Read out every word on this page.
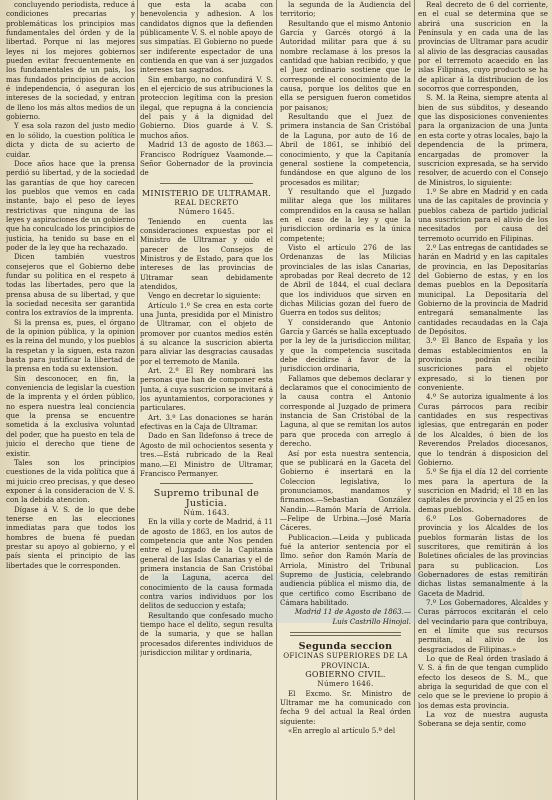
concluyendo periodista, reduce á condiciones precarias y problemáticas los principios mas fundamentales del órden y de la libertad. Porque ni las mejores leyes ni los mejores gobiernos pueden evitar frecuentemente en los fundamentales de un pais, los mas fundados principios de accion é independencia, ó aseguran los intereses de la sociedad, y entran de lleno los más altos medios de un gobierno.

Y esa sola razon del justo medio en lo sólido, la cuestion política le dicta y dicta de su acierto de cuidar.

Doce años hace que la prensa perdió su libertad, y de la sociedad las garantías de que hoy carecen los pueblos que vemos en cada instante, bajo el peso de leyes restrictivas que ninguna de las leyes y aspiraciones de un gobierno que ha conculcado los principios de justicia, ha tenido su base en el poder de la ley que ha rechazado.

Dicen también vuestros consejeros que el Gobierno debe fundar su política en el respeto á todas las libertades, pero que la prensa abusa de su libertad, y que la sociedad necesita ser garantida contra los extravíos de la imprenta.

Si la prensa es, pues, el órgano de la opinion pública, y la opinion es la reina del mundo, y los pueblos la respetan y la siguen, esta razon basta para justificar la libertad de la prensa en toda su extension.

Sin desconocer, en fin, la conveniencia de legislar la cuestion de la imprenta y el órden público, no espera nuestra leal conciencia que la prensa se encuentre sometida á la exclusiva voluntad del poder, que ha puesto en tela de juicio el derecho que tiene de existir.

Tales son los principios cuestiones de la vida política que á mi juicio creo precisas, y que deseo exponer á la consideracion de V. S. con la debida atencion.

Dígase á V. S. de lo que debe tenerse en las elecciones inmediatas para que todos los hombres de buena fé puedan prestar su apoyo al gobierno, y el país sienta el principio de las libertades que le corresponden.

que esta la acaba con benevolencia y adhesion. A los candidatos dignos que la defienden públicamente V. S. el noble apoyo de sus simpatías. El Gobierno no puede ser indiferente espectador de una contienda en que van á ser juzgados intereses tan sagrados.

Sin embargo, no confundirá V. S. en el ejercicio de sus atribuciones la proteccion legítima con la presion ilegal, que repugna á la conciencia del país y á la dignidad del Gobierno. Dios guarde á V. S. muchos años.

Madrid 13 de agosto de 1863.—Francisco Rodríguez Vaamonde.—Señor Gobernador de la provincia de

MINISTERIO DE ULTRAMAR.

REAL DECRETO

Número 1645.

Teniendo en cuenta las consideraciones expuestas por el Ministro de Ultramar y oido el parecer de los Consejos de Ministros y de Estado, para que los intereses de las provincias de Ultramar sean debidamente atendidos,

Vengo en decretar lo siguiente:

Artículo 1.º Se crea en esta corte una Junta, presidida por el Ministro de Ultramar, con el objeto de promover por cuantos medios estén á su alcance la suscricion abierta para aliviar las desgracias causadas por el terremoto de Manila.

Art. 2.º El Rey nombrará las personas que han de componer esta Junta, á cuya suscricion se invitará á los ayuntamientos, corporaciones y particulares.

Art. 3.º Las donaciones se harán efectivas en la Caja de Ultramar.

Dado en San Ildefonso á trece de Agosto de mil ochocientos sesenta y tres.—Está rubricado de la Real mano.—El Ministro de Ultramar, Francisco Permanyer.

Supremo tribunal de Justicia.

Núm. 1643.

En la villa y corte de Madrid, á 11 de agosto de 1863, en los autos de competencia que ante Nos penden entre el Juzgado de la Capitanía general de las Islas Canarias y el de primera instancia de San Cristóbal de la Laguna, acerca del conocimiento de la causa formada contra varios individuos por los delitos de seduccion y estafa;

Resultando que confesado mucho tiempo hace el delito, segun resulta de la sumaria, y que se hallan procesados diferentes individuos de jurisdiccion militar y ordinaria,

la segunda de la Audiencia del territorio;

Resultando que el mismo Antonio García y Garcés otorgó á la Autoridad militar para que á su nombre reclamase á los presos la cantidad que habian recibido, y que el Juez ordinario sostiene que le corresponde el conocimiento de la causa, porque los delitos que en ella se persiguen fueron cometidos por paisanos;

Resultando que el Juez de primera instancia de San Cristóbal de la Laguna, por auto de 16 de Abril de 1861, se inhibió del conocimiento, y que la Capitanía general sostiene la competencia, fundándose en que alguno de los procesados es militar;

Y resultando que el Juzgado militar alega que los militares comprendidos en la causa se hallan en el caso de la ley y que la jurisdiccion ordinaria es la única competente;

Visto el artículo 276 de las Ordenanzas de las Milicias provinciales de las islas Canarias, aprobadas por Real decreto de 12 de Abril de 1844, el cual declara que los individuos que sirven en dichas Milicias gozan del fuero de Guerra en todos sus delitos;

Y considerando que Antonio García y Garcés se halla exceptuado por la ley de la jurisdiccion militar, y que la competencia suscitada debe decidirse á favor de la jurisdiccion ordinaria,

Fallamos que debemos declarar y declaramos que el conocimiento de la causa contra el Antonio corresponde al Juzgado de primera instancia de San Cristóbal de la Laguna, al que se remitan los autos para que proceda con arreglo á derecho.

Así por esta nuestra sentencia, que se publicará en la Gaceta del Gobierno é insertará en la Coleccion legislativa, lo pronunciamos, mandamos y firmamos.—Sebastian González Nandin.—Ramón María de Arriola.—Felipe de Urbina.—José María Cáceres.

Publicacion.—Leida y publicada fué la anterior sentencia por el Ilmo. señor don Ramón María de Arriola, Ministro del Tribunal Supremo de Justicia, celebrando audiencia pública el mismo dia, de que certifico como Escribano de Cámara habilitado.

Madrid 11 de Agosto de 1863.—Luis Castrillo Hinojal.

Segunda seccion

OFICINAS SUPERIORES DE LA PROVINCIA.

GOBIERNO CIVIL.

Número 1646.

El Excmo. Sr. Ministro de Ultramar me ha comunicado con fecha 9 del actual la Real órden siguiente:

«En arreglo al artículo 5.º del

Real decreto de 6 del corriente, en el cual se determina que se abrirá una suscricion en la Península y en cada una de las provincias de Ultramar para acudir al alivio de las desgracias causadas por el terremoto acaecido en las islas Filipinas, cuyo producto se ha de aplicar á la distribucion de los socorros que corresponden,

S. M. la Reina, siempre atenta al bien de sus súbditos, y deseando que las disposiciones convenientes para la organizacion de una Junta en esta corte y otras locales, bajo la dependencia de la primera, encargadas de promover la suscricion expresada, se ha servido resolver, de acuerdo con el Consejo de Ministros, lo siguiente:

1.º Se abre en Madrid y en cada una de las capitales de provincia y pueblos cabeza de partido judicial una suscricion para el alivio de los necesitados por causa del terremoto ocurrido en Filipinas.

2.º Las entregas de cantidades se harán en Madrid y en las capitales de provincia, en las Depositarías del Gobierno de estas, y en los demas pueblos en la Depositaría municipal. La Depositaría del Gobierno de la provincia de Madrid entregará semanalmente las cantidades recaudadas en la Caja de Depósitos.

3.º El Banco de España y los demas establecimientos en la provincia podrán recibir suscriciones para el objeto expresado, si lo tienen por conveniente.

4.º Se autoriza igualmente á los Curas párrocos para recibir cantidades en sus respectivas iglesias, que entregarán en poder de los Alcaldes, ó bien de los Reverendos Prelados diocesanos, que lo tendrán á disposicion del Gobierno.

5.º Se fija el día 12 del corriente mes para la apertura de la suscricion en Madrid; el 18 en las capitales de provincia y el 25 en los demas pueblos.

6.º Los Gobernadores de provincia y los Alcaldes de los pueblos formarán listas de los suscritores, que remitirán á los Boletines oficiales de las provincias para su publicacion. Los Gobernadores de estas remitirán dichas listas semanalmente á la Gaceta de Madrid.

7.º Los Gobernadores, Alcaldes y Curas párrocos excitarán el celo del vecindario para que contribuya, en el límite que sus recursos permitan, al alivio de los desgraciados de Filipinas.»

Lo que de Real órden traslado á V. S. á fin de que tengan cumplido efecto los deseos de S. M., que abriga la seguridad de que con el celo que se le previene lo propio á los demas esta provincia.

La voz de nuestra augusta Soberana se deja sentir, como
